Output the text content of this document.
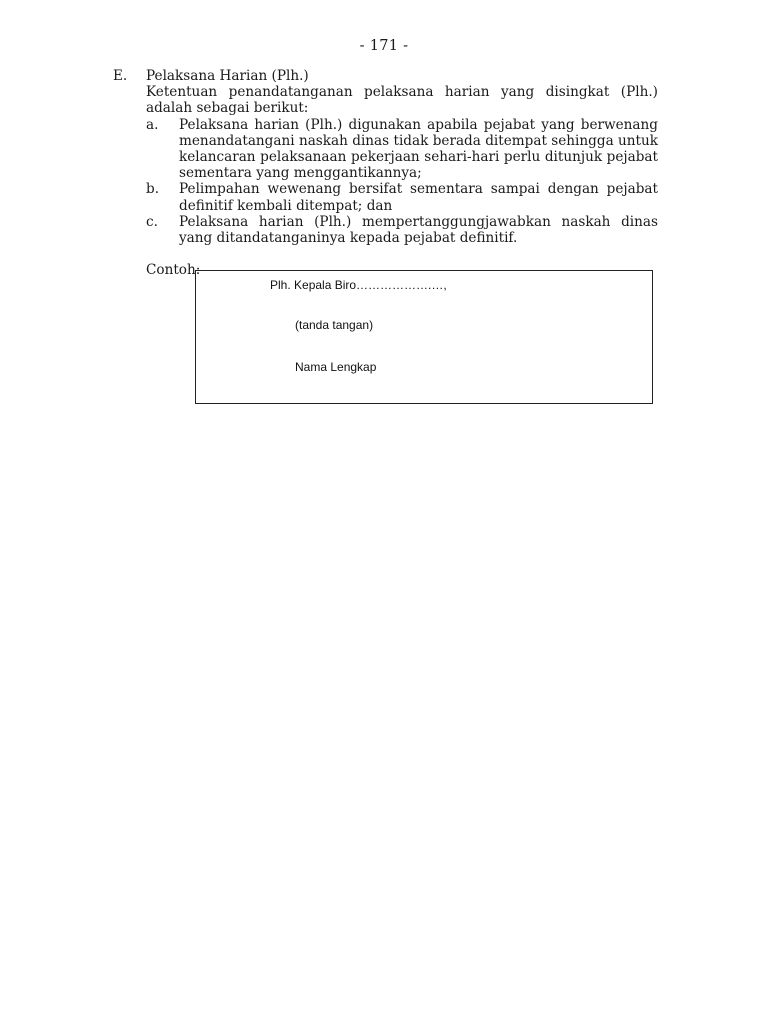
- 171 -
E.	Pelaksana Harian (Plh.)
Ketentuan penandatanganan pelaksana harian yang disingkat (Plh.) adalah sebagai berikut:
a.	Pelaksana harian (Plh.) digunakan apabila pejabat yang berwenang menandatangani naskah dinas tidak berada ditempat sehingga untuk kelancaran pelaksanaan pekerjaan sehari-hari perlu ditunjuk pejabat sementara yang menggantikannya;
b.	Pelimpahan wewenang bersifat sementara sampai dengan pejabat definitif kembali ditempat; dan
c.	Pelaksana harian (Plh.) mempertanggungjawabkan naskah dinas yang ditandatanganinya kepada pejabat definitif.
Contoh:
Plh. Kepala Biro……………….…,
(tanda tangan)
Nama Lengkap
